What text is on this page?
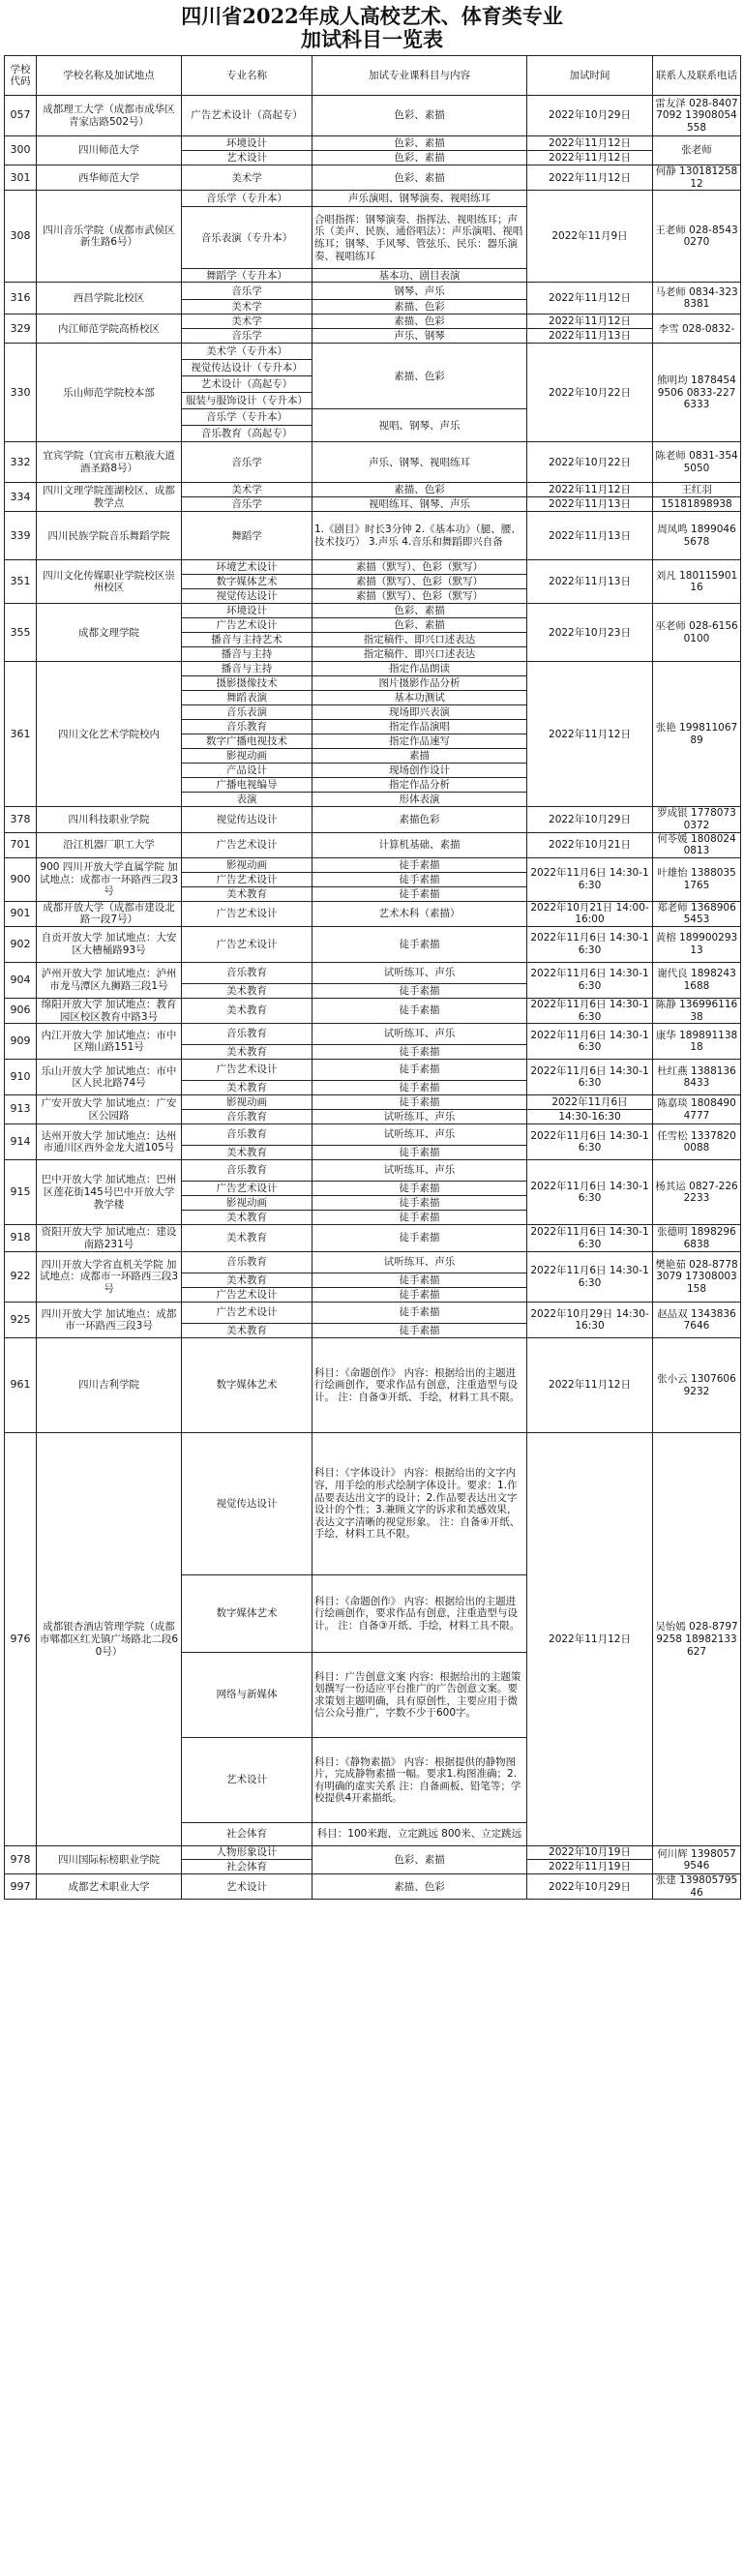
四川省2022年成人高校艺术、体育类专业
加试科目一览表
学校代码	学校名称及加试地点	专业名称	加试专业课科目与内容	加试时间	联系人及联系电话
057	成都理工大学（成都市成华区青家店路502号）	广告艺术设计（高起专）	色彩、素描	2022年10月29日	雷友泽 028-84077092 13908054558
300	四川师范大学	环境设计	色彩、素描	2022年11月12日	张老师
		艺术设计	色彩、素描	2022年11月12日	
301	西华师范大学	美术学	色彩、素描	2022年11月12日	何静 13018125812
308	四川音乐学院（成都市武侯区新生路6号）	音乐学（专升本）	声乐演唱、钢琴演奏、视唱练耳	2022年11月9日	王老师 028-85430270
		音乐表演（专升本）	合唱指挥：钢琴演奏、指挥法、视唱练耳；声乐（美声、民族、通俗唱法）：声乐演唱、视唱练耳；钢琴、手风琴、管弦乐、民乐：器乐演奏、视唱练耳		
		舞蹈学（专升本）	基本功、剧目表演		
316	西昌学院北校区	音乐学	钢琴、声乐	2022年11月12日	马老师 0834-3238381
		美术学	素描、色彩		
329	内江师范学院高桥校区	美术学	素描、色彩	2022年11月12日	李雪 028-0832-
		音乐学	声乐、钢琴	2022年11月13日	
330	乐山师范学院校本部	美术学（专升本）	素描、色彩	2022年10月22日	熊明均 18784549506 0833-2276333
		视觉传达设计（专升本）			
		艺术设计（高起专）			
		服装与服饰设计（专升本）			
		音乐学（专升本）	视唱、钢琴、声乐		
		音乐教育（高起专）			
332	宜宾学院（宜宾市五粮液大道酒圣路8号）	音乐学	声乐、钢琴、视唱练耳	2022年10月22日	陈老师 0831-3545050
334	四川文理学院莲湖校区、成都教学点	美术学	素描、色彩	2022年11月12日	王红羽
		音乐学	视唱练耳、钢琴、声乐	2022年11月13日	15181898938
339	四川民族学院音乐舞蹈学院	舞蹈学	1.《剧目》时长3分钟 2.《基本功》（腿、腰、技术技巧） 3.声乐 4.音乐和舞蹈即兴自备	2022年11月13日	周凤鸣 18990465678
351	四川文化传媒职业学院校区崇州校区	环境艺术设计	素描（默写）、色彩（默写）	2022年11月13日	刘凡 18011590116
		数字媒体艺术	素描（默写）、色彩（默写）		
		视觉传达设计	素描（默写）、色彩（默写）		
355	成都文理学院	环境设计	色彩、素描	2022年10月23日	巫老师 028-61560100
		广告艺术设计	色彩、素描		
		播音与主持艺术	指定稿件、即兴口述表达		
		播音与主持	指定稿件、即兴口述表达		
361	四川文化艺术学院校内	播音与主持	指定作品朗读	2022年11月12日	张艳 19981106789
		摄影摄像技术	图片摄影作品分析		
		舞蹈表演	基本功测试		
		音乐表演	现场即兴表演		
		音乐教育	指定作品演唱		
		数字广播电视技术	指定作品速写		
		影视动画	素描		
		产品设计	现场创作设计		
		广播电视编导	指定作品分析		
		表演	形体表演		
378	四川科技职业学院	视觉传达设计	素描色彩	2022年10月29日	罗成银 17780730372
701	沿江机器厂职工大学	广告艺术设计	计算机基础、素描	2022年10月21日	何苓媛 18080240813
900	900 四川开放大学直属学院 加试地点：成都市一环路西三段3号	影视动画	徒手素描	2022年11月6日 14:30-16:30	叶雄怡 13880351765
		广告艺术设计	徒手素描		
		美术教育	徒手素描		
901	成都开放大学（成都市建设北路一段7号）	广告艺术设计	艺术木科（素描）	2022年10月21日 14:00-16:00	郑老师 13689065453
902	自贡开放大学 加试地点：大安区大槽桶路93号	广告艺术设计	徒手素描	2022年11月6日 14:30-16:30	黄榕 18990029313
904	泸州开放大学 加试地点：泸州市龙马潭区九狮路三段1号	音乐教育	试听练耳、声乐	2022年11月6日 14:30-16:30	谢代良 18982431688
		美术教育	徒手素描		
906	绵阳开放大学 加试地点：教育园区校区教育中路3号	美术教育	徒手素描	2022年11月6日 14:30-16:30	陈静 13699611638
909	内江开放大学 加试地点：市中区翔山路151号	音乐教育	试听练耳、声乐	2022年11月6日 14:30-16:30	康华 18989113818
		美术教育	徒手素描		
910	乐山开放大学 加试地点：市中区人民北路74号	广告艺术设计	徒手素描	2022年11月6日 14:30-16:30	杜红燕 13881368433
		美术教育	徒手素描		
913	广安开放大学 加试地点：广安区公园路	影视动画	徒手素描	2022年11月6日	陈嘉琰 18084904777
		音乐教育	试听练耳、声乐	14:30-16:30	
914	达州开放大学 加试地点：达州市通川区西外金龙大道105号	音乐教育	试听练耳、声乐	2022年11月6日 14:30-16:30	任雪松 13378200088
		美术教育	徒手素描		
915	巴中开放大学 加试地点：巴州区莲花街145号巴中开放大学教学楼	音乐教育	试听练耳、声乐	2022年11月6日 14:30-16:30	杨其运 0827-2262233
		广告艺术设计	徒手素描		
		影视动画	徒手素描		
		美术教育	徒手素描		
918	资阳开放大学 加试地点：建设南路231号	美术教育	徒手素描	2022年11月6日 14:30-16:30	张德明 18982966838
922	四川开放大学省直机关学院 加试地点：成都市一环路西三段3号	音乐教育	试听练耳、声乐	2022年11月6日 14:30-16:30	樊艳茹 028-87783079 17308003158
		美术教育	徒手素描		
		广告艺术设计	徒手素描		
925	四川开放大学 加试地点：成都市一环路西三段3号	广告艺术设计	徒手素描	2022年10月29日 14:30-16:30	赵品双 13438367646
		美术教育	徒手素描		
961	四川吉利学院	数字媒体艺术	科目：《命题创作》 内容：根据给出的主题进行绘画创作，要求作品有创意，注重造型与设计。 注：自备③开纸、手绘，材料工具不限。	2022年11月12日	张小云 13076069232
976	成都银杏酒店管理学院（成都市郫都区红光镇广场路北二段60号）	视觉传达设计	科目：《字体设计》 内容：根据给出的文字内容，用手绘的形式绘制字体设计。要求：1.作品要表达出文字的设计；2.作品要表达出文字设计的个性；3.兼顾文字的诉求和美感效果，表达文字清晰的视觉形象。 注：自备④开纸、手绘，材料工具不限。	2022年11月12日	吴怡嫣 028-87979258 18982133627
		数字媒体艺术	科目：《命题创作》 内容：根据给出的主题进行绘画创作，要求作品有创意，注重造型与设计。 注：自备③开纸、手绘，材料工具不限。		
		网络与新媒体	科目：广告创意文案 内容：根据给出的主题策划撰写一份适应平台推广的广告创意文案。要求策划主题明确，具有原创性，主要应用于微信公众号推广，字数不少于600字。		
		艺术设计	科目：《静物素描》 内容：根据提供的静物图片，完成静物素描一幅。要求1.构图准确；2.有明确的虚实关系 注：自备画板、铅笔等；学校提供4开素描纸。		
		社会体育	科目：100米跑、立定跳远 800米、立定跳远		
978	四川国际标榜职业学院	人物形象设计	色彩、素描	2022年10月19日	何川辉 13980579546
		社会体育		2022年11月19日	
997	成都艺术职业大学	艺术设计	素描、色彩	2022年10月29日	张建 13980579546
